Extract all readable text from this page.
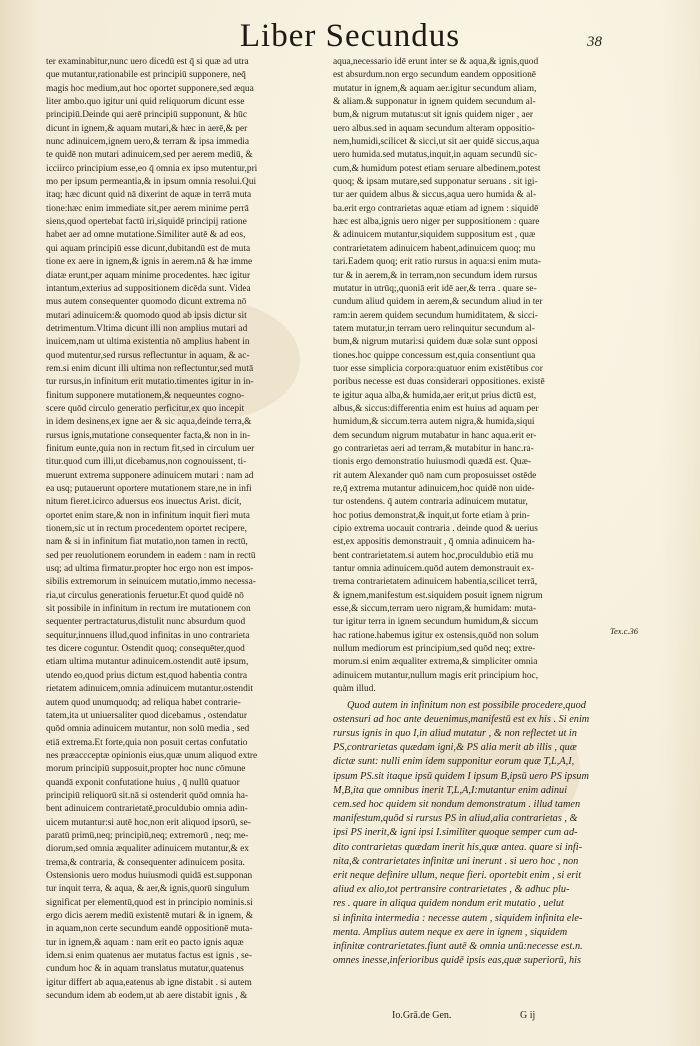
Liber Secundus	38
ter examinabitur,nunc uero dicedū est q̄ si quæ ad utra
que mutantur,rationabile est principiū supponere, neq̄
magis hoc medium,aut hoc oportet supponere,sed æqua
liter ambo.quo igitur uni quid reliquorum dicunt esse
principiū.Deinde qui aerē principiū supponunt, & hūc
dicunt in ignem,& aquam mutari,& hæc in aerē,& per
nunc adinuicem,ignem uero,& terram & ipsa immedia
te quidē non mutari adinuicem,sed per aerem mediū, &
icciirco principium esse,eo q̄ omnia ex ipso mutentur,pri
mo per ipsum permeantia,& in ipsum omnia resolui.Qui
itaq; hæc dicunt quid nā dixerint de aquæ in terrā muta
tione:hæc enim immediate sit,per aerem minime perrā
siens,quod opertebat factū iri,siquidē principij ratione
habet aer ad omne mutatione.Similiter autē & ad eos,
qui aquam principiū esse dicunt,dubitandū est de muta
tione ex aere in ignem,& ignis in aerem.nā & hæ imme
diatæ erunt,per aquam minime procedentes. hæc igitur
intantum,exterius ad suppositionem dicēda sunt. Videa
mus autem consequenter quomodo dicunt extrema nō
mutari adinuicem:& quomodo quod ab ipsis dictur sit
detrimentum.Vltima dicunt illi non amplius mutari ad
inuicem,nam ut ultima existentia nō amplius habent in
quod mutentur,sed rursus reflectuntur in aquam, & ac-
rem.si enim dicunt illi ultima non reflectuntur,sed mutā
tur rursus,in infinitum erit mutatio.timentes igitur in in-
finitum supponere mutationem,& nequeuntes cogno-
scere quōd circulo generatio perficitur,ex quo incepit
in idem desinens,ex igne aer & sic aqua,deinde terra,&
rursus ignis,mutatione consequenter facta,& non in in-
finitum eunte,quia non in rectum fit,sed in circulum uer
titur.quod cum illi,ut dicebamus,non cognouissent, ti-
muerunt extrema supponere adinuicem mutari : nam ad
ea usq; putauerunt oportere mutationem stare,ne in infi
nitum fieret.icirco aduersus eos inuectus Arist. dicit,
oportet enim stare,& non in infinitum inquit fieri muta
tionem,sic ut in rectum procedentem oportet recipere,
nam & si in infinitum fiat mutatio,non tamen in rectū,
sed per reuolutionem eorundem in eadem : nam in rectū
usq; ad ultima firmatur.propter hoc ergo non est impos-
sibilis extremorum in seinuicem mutatio,immo necessa-
ria,ut circulus generationis feruetur.Et quod quidē nō
sit possibile in infinitum in rectum ire mutationem con
sequenter pertractaturus,distulit nunc absurdum quod
sequitur,innuens illud,quod infinitas in uno contrarieta
tes dicere coguntur. Ostendit quoq; consequēter,quod
etiam ultima mutantur adinuicem.ostendit autē ipsum,
utendo eo,quod prius dictum est,quod habentia contra
rietatem adinuicem,omnia adinuicem mutantur.ostendit
autem quod unumquodq; ad reliqua habet contrarie-
tatem,ita ut uniuersaliter quod dicebamus , ostendatur
quōd omnia adinuicem mutantur, non solū media , sed
etiā extrema.Et forte,quia non posuit certas confutatio
nes præaccceptæ opinionis eius,quæ unum aliquod extre
morum principiū supposuit,propter hoc nunc cōmune
quandā exponit confutatione huius , q̄ nullū quatuor
principiū reliquorū sit.nā si ostenderit quōd omnia ha-
bent adinuicem contrarietatē,proculdubio omnia adin-
uicem mutantur:si autē hoc,non erit aliquod ipsorū, se-
paratū primū,neq; principiū,neq; extremorū , neq; me-
diorum,sed omnia æqualiter adinuicem mutantur,& ex
trema,& contraria, & consequenter adinuicem posita.
Ostensionis uero modus huiusmodi quidā est.supponan
tur inquit terra, & aqua, & aer,& ignis,quorū singulum
significat per elementū,quod est in principio nominis.si
ergo dicis aerem mediū existentē mutari & in ignem, &
in aquam,non certe secundum eandē oppositionē muta-
tur in ignem,& aquam : nam erit eo pacto ignis aquæ
idem.si enim quatenus aer mutatus factus est ignis , se-
cundum hoc & in aquam translatus mutatur,quatenus
igitur differt ab aqua,eatenus ab igne distabit . si autem
secundum idem ab eodem,ut ab aere distabit ignis , &
aqua,necessario idē erunt inter se & aqua,& ignis,quod
est absurdum.non ergo secundum eandem oppositionē
mutatur in ignem,& aquam aer.igitur secundum aliam,
& aliam.& supponatur in ignem quidem secundum al-
bum,& nigrum mutatus:ut sit ignis quidem niger , aer
uero albus.sed in aquam secundum alteram oppositio-
nem,humidi,scilicet & sicci,ut sit aer quidē siccus,aqua
uero humida.sed mutatus,inquit,in aquam secundū sic-
cum,& humidum potest etiam seruare albedinem,potest
quoq; & ipsam mutare,sed supponatur seruans . sit igi-
tur aer quidem albus & siccus,aqua uero humida & al-
ba.erit ergo contrarietas aquæ etiam ad ignem : siquidē
hæc est alba,ignis uero niger per suppositionem : quare
& adinuicem mutantur,siquidem suppositum est , quæ
contrarietatem adinuicem habent,adinuicem quoq; mu
tari.Eadem quoq; erit ratio rursus in aqua:si enim muta-
tur & in aerem,& in terram,non secundum idem rursus
mutatur in utrūq;,quoniā erit idē aer,& terra . quare se-
cundum aliud quidem in aerem,& secundum aliud in ter
ram:in aerem quidem secundum humiditatem, & sicci-
tatem mutatur,in terram uero relinquitur secundum al-
bum,& nigrum mutari:si quidem duæ solæ sunt opposi
tiones.hoc quippe concessum est,quia consentiunt qua
tuor esse simplicia corpora:quatuor enim existētibus cor
poribus necesse est duas considerari oppositiones. existē
te igitur aqua alba,& humida,aer erit,ut prius dictū est,
albus,& siccus:differentia enim est huius ad aquam per
humidum,& siccum.terra autem nigra,& humida,siqui
dem secundum nigrum mutabatur in hanc aqua.erit er-
go contrarietas aeri ad terram,& mutabitur in hanc.ra-
tionis ergo demonstratio huiusmodi quædā est. Quæ-
rit autem Alexander quō nam cum proposuisset ostēde
re,q̄ extrema mutantur adinuicem,hoc quidē non uide-
tur ostendens. q̄ autem contraria adinuicem mutatur,
hoc potius demonstrat,& inquit,ut forte etiam à prin-
cipio extrema uocauit contraria . deinde quod & uerius
est,ex appositis demonstrauit , q̄ omnia adinuicem ha-
bent contrarietatem.si autem hoc,proculdubio etiā mu
tantur omnia adinuicem.quōd autem demonstrauit ex-
trema contrarietatem adinuicem habentia,scilicet terrā,
& ignem,manifestum est.siquidem posuit ignem nigrum
esse,& siccum,terram uero nigram,& humidam: muta-
tur igitur terra in ignem secundum humidum,& siccum
hac ratione.habemus igitur ex ostensis,quōd non solum
nullum mediorum est principium,sed quōd neq; extre-
morum.si enim æqualiter extrema,& simpliciter omnia
adinuicem mutantur,nullum magis erit principium hoc,
quàm illud.
Quod autem in infinitum non est possibile procedere,quod
ostensuri ad hoc ante deuenimus,manifestū est ex his . Si enim
rursus ignis in quo I,in aliud mutatur , & non reflectet ut in
PS,contrarietas quædam igni,& PS alia merit ab illis , quæ
dictæ sunt: nulli enim idem supponitur eorum quæ T,L,A,I,
ipsum PS.sit itaque ipsū quidem I ipsum B,ipsū uero PS ipsum
M,B,ita que omnibus inerit T,L,A,I:mutantur enim adinui
cem.sed hoc quidem sit nondum demonstratum . illud tamen
manifestum,quōd si rursus PS in aliud,alia contrarietas , &
ipsi PS inerit,& igni ipsi I.similiter quoque semper cum ad-
dito contrarietas quædam inerit his,quæ antea. quare si infi-
nita,& contrarietates infinitæ uni inerunt . si uero hoc , non
erit neque definire ullum, neque fieri. oportebit enim , si erit
aliud ex alio,tot pertransire contrarietates , & adhuc plu-
res . quare in aliqua quidem nondum erit mutatio , uelut
si infinita intermedia : necesse autem , siquidem infinita ele-
menta. Amplius autem neque ex aere in ignem , siquidem
infinitæ contrarietates.fiunt autē & omnia unū:necesse est.n.
omnes inesse,inferioribus quidē ipsis eas,quæ superiorū, his
Tex.c.36
Io.Grā.de Gen.	G ij
